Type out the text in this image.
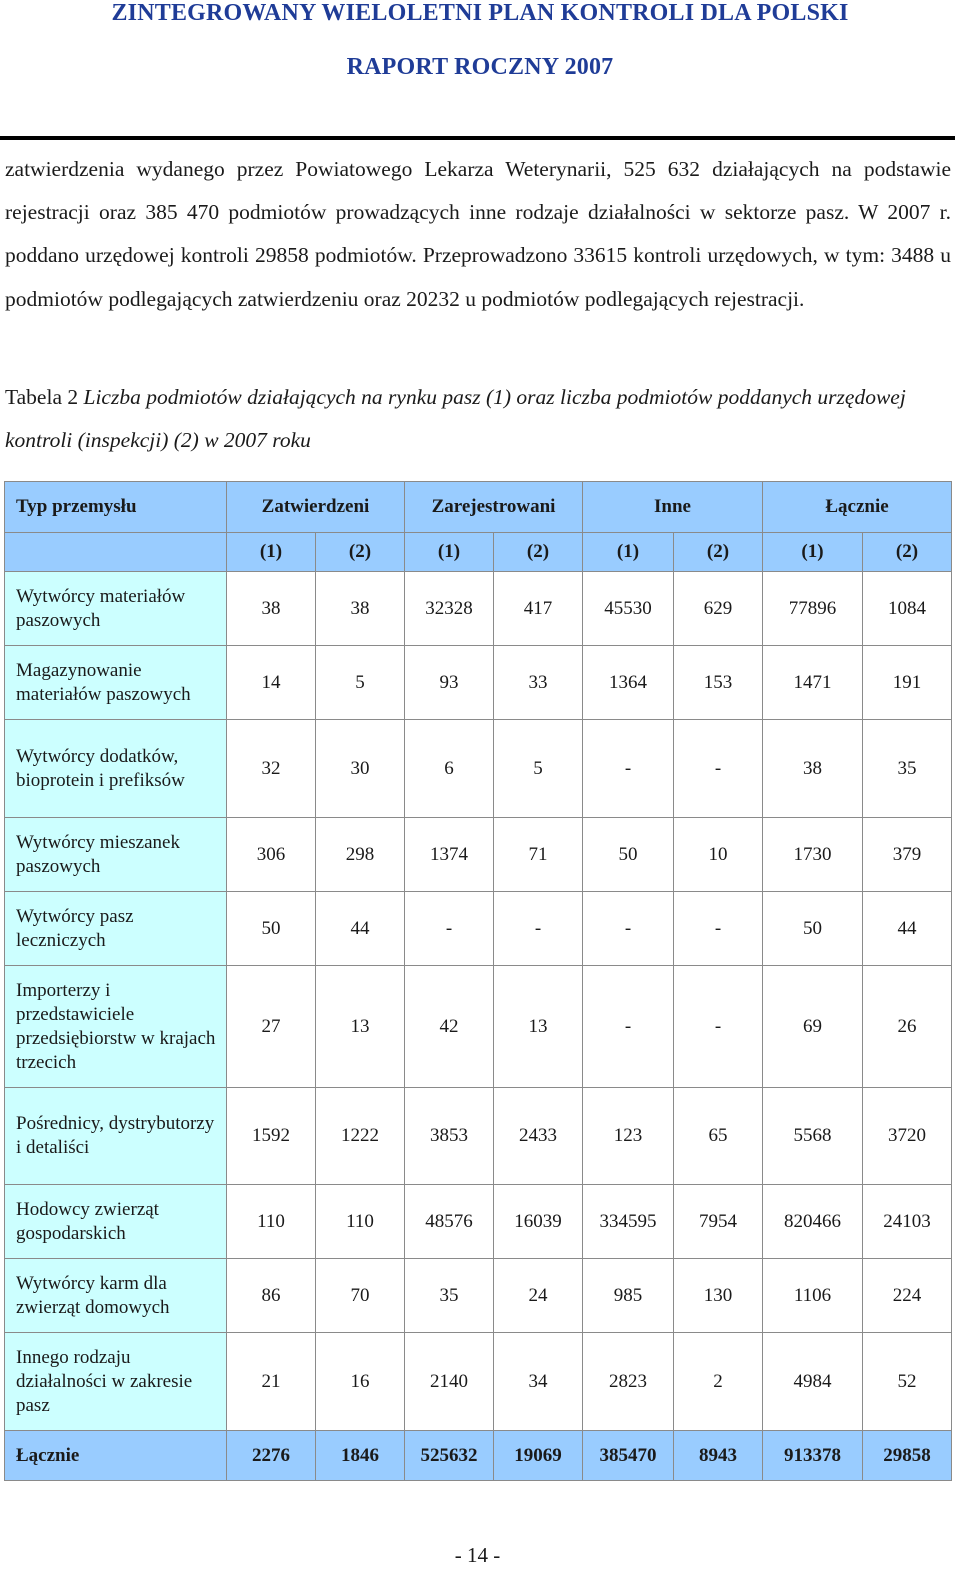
ZINTEGROWANY WIELOLETNI PLAN KONTROLI DLA POLSKI
RAPORT ROCZNY 2007
zatwierdzenia wydanego przez Powiatowego Lekarza Weterynarii, 525 632 działających na podstawie rejestracji oraz 385 470 podmiotów prowadzących inne rodzaje działalności w sektorze pasz. W 2007 r. poddano urzędowej kontroli 29858 podmiotów. Przeprowadzono 33615 kontroli urzędowych, w tym: 3488 u podmiotów podlegających zatwierdzeniu oraz 20232 u podmiotów podlegających rejestracji.
Tabela 2 Liczba podmiotów działających na rynku pasz (1) oraz liczba podmiotów poddanych urzędowej kontroli (inspekcji) (2) w 2007 roku
Typ przemysłu	Zatwierdzeni		Zarejestrowani		Inne		Łącznie	
	(1)	(2)	(1)	(2)	(1)	(2)	(1)	(2)
Wytwórcy materiałów paszowych	38	38	32328	417	45530	629	77896	1084
Magazynowanie materiałów paszowych	14	5	93	33	1364	153	1471	191
Wytwórcy dodatków, bioprotein i prefiksów	32	30	6	5	-	-	38	35
Wytwórcy mieszanek paszowych	306	298	1374	71	50	10	1730	379
Wytwórcy pasz leczniczych	50	44	-	-	-	-	50	44
Importerzy i przedstawiciele przedsiębiorstw w krajach trzecich	27	13	42	13	-	-	69	26
Pośrednicy, dystrybutorzy i detaliści	1592	1222	3853	2433	123	65	5568	3720
Hodowcy zwierząt gospodarskich	110	110	48576	16039	334595	7954	820466	24103
Wytwórcy karm dla zwierząt domowych	86	70	35	24	985	130	1106	224
Innego rodzaju działalności w zakresie pasz	21	16	2140	34	2823	2	4984	52
Łącznie	2276	1846	525632	19069	385470	8943	913378	29858
- 14 -
